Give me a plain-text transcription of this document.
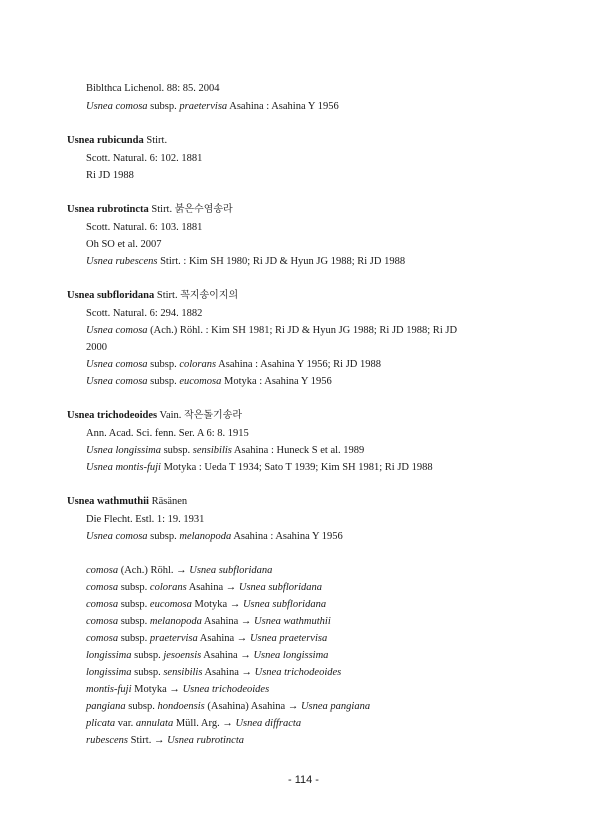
Biblthca Lichenol. 88: 85. 2004
Usnea comosa subsp. praetervisa Asahina : Asahina Y 1956
Usnea rubicunda Stirt.
Scott. Natural. 6: 102. 1881
Ri JD 1988
Usnea rubrotincta Stirt. 붉은수염송라
Scott. Natural. 6: 103. 1881
Oh SO et al. 2007
Usnea rubescens Stirt. : Kim SH 1980; Ri JD & Hyun JG 1988; Ri JD 1988
Usnea subfloridana Stirt. 꼭지송이지의
Scott. Natural. 6: 294. 1882
Usnea comosa (Ach.) Röhl. : Kim SH 1981; Ri JD & Hyun JG 1988; Ri JD 1988; Ri JD
2000
Usnea comosa subsp. colorans Asahina : Asahina Y 1956; Ri JD 1988
Usnea comosa subsp. eucomosa Motyka : Asahina Y 1956
Usnea trichodeoides Vain. 작은돌기송라
Ann. Acad. Sci. fenn. Ser. A 6: 8. 1915
Usnea longissima subsp. sensibilis Asahina : Huneck S et al. 1989
Usnea montis-fuji Motyka : Ueda T 1934; Sato T 1939; Kim SH 1981; Ri JD 1988
Usnea wathmuthii Räsänen
Die Flecht. Estl. 1: 19. 1931
Usnea comosa subsp. melanopoda Asahina : Asahina Y 1956
comosa (Ach.) Röhl. → Usnea subfloridana
comosa subsp. colorans Asahina → Usnea subfloridana
comosa subsp. eucomosa Motyka → Usnea subfloridana
comosa subsp. melanopoda Asahina → Usnea wathmuthii
comosa subsp. praetervisa Asahina → Usnea praetervisa
longissima subsp. jesoensis Asahina → Usnea longissima
longissima subsp. sensibilis Asahina → Usnea trichodeoides
montis-fuji Motyka → Usnea trichodeoides
pangiana subsp. hondoensis (Asahina) Asahina → Usnea pangiana
plicata var. annulata Müll. Arg. → Usnea diffracta
rubescens Stirt. → Usnea rubrotincta
- 114 -
